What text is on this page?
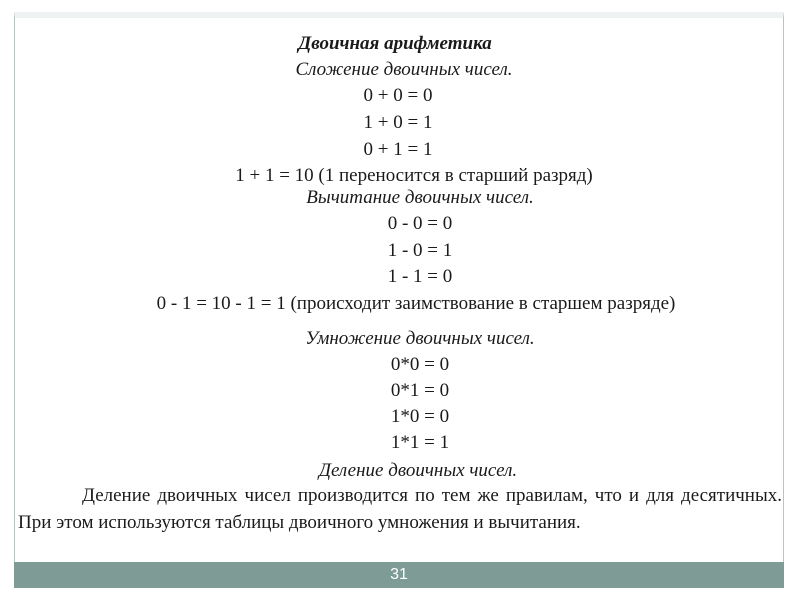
Двоичная арифметика
Сложение двоичных чисел.
0 + 0 = 0
1 + 0 = 1
0 + 1 = 1
1 + 1 = 10 (1 переносится в старший разряд)
Вычитание двоичных чисел.
0 - 0 = 0
1 - 0 = 1
1 - 1 = 0
0 - 1 = 10 - 1 = 1 (происходит заимствование в старшем разряде)
Умножение двоичных чисел.
0*0 = 0
0*1 = 0
1*0 = 0
1*1 = 1
Деление двоичных чисел.
Деление двоичных чисел производится по тем же правилам, что и для десятичных. При этом используются таблицы двоичного умножения и вычитания.
31
